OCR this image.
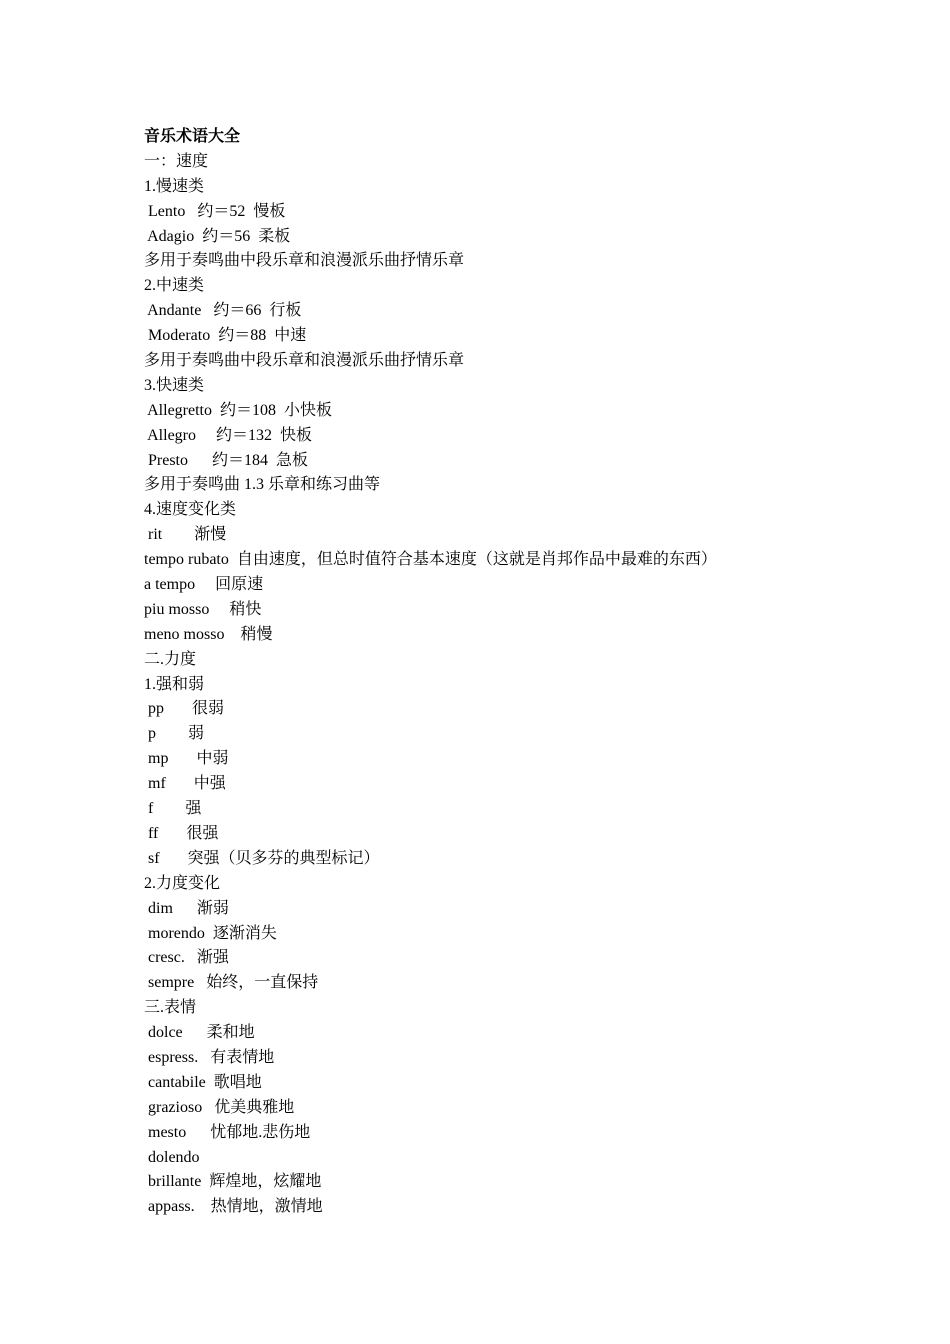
音乐术语大全
一：速度
1.慢速类
Lento   约＝52  慢板
Adagio  约＝56  柔板
多用于奏鸣曲中段乐章和浪漫派乐曲抒情乐章
2.中速类
Andante   约＝66  行板
Moderato  约＝88  中速
多用于奏鸣曲中段乐章和浪漫派乐曲抒情乐章
3.快速类
Allegretto  约＝108  小快板
Allegro     约＝132  快板
Presto      约＝184  急板
多用于奏鸣曲 1.3 乐章和练习曲等
4.速度变化类
rit        渐慢
tempo rubato  自由速度，但总时值符合基本速度（这就是肖邦作品中最难的东西）
a tempo     回原速
piu mosso     稍快
meno mosso    稍慢
二.力度
1.强和弱
pp       很弱
p        弱
mp       中弱
mf       中强
f        强
ff       很强
sf       突强（贝多芬的典型标记）
2.力度变化
dim      渐弱
morendo  逐渐消失
cresc.   渐强
sempre   始终，一直保持
三.表情
dolce      柔和地
espress.   有表情地
cantabile  歌唱地
grazioso   优美典雅地
mesto      忧郁地.悲伤地
dolendo
brillante  辉煌地，炫耀地
appass.    热情地，激情地
